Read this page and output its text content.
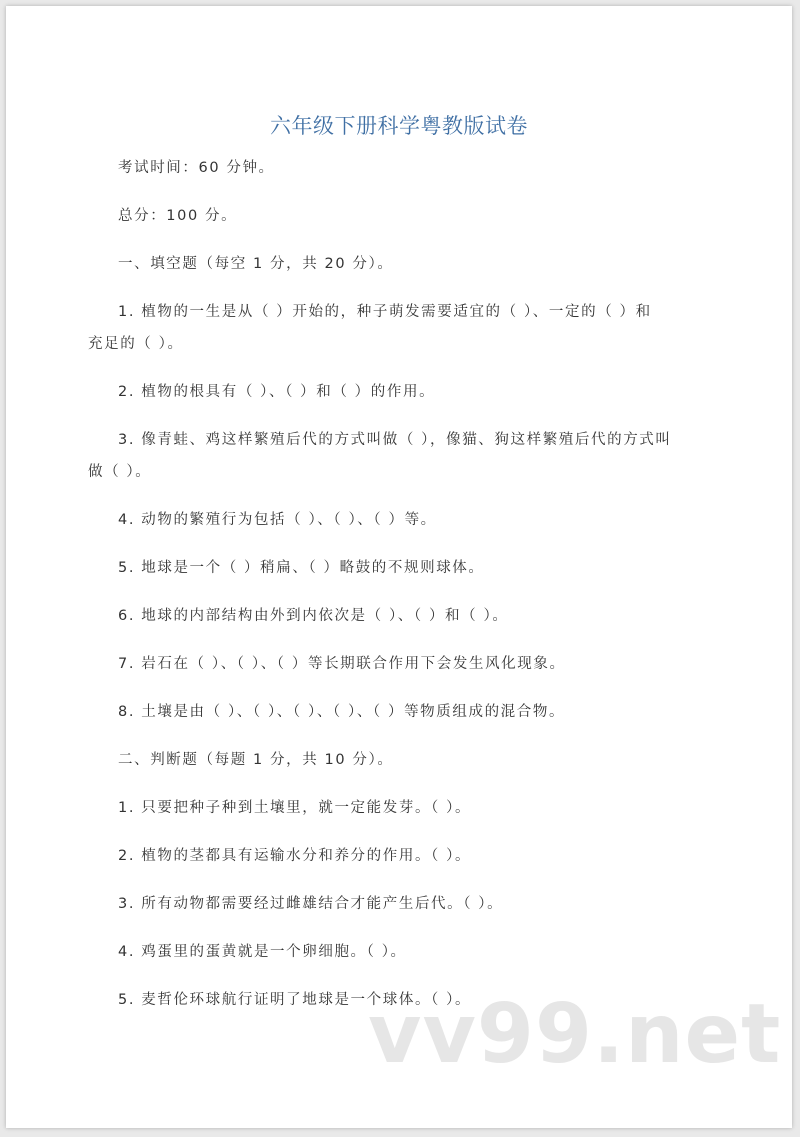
六年级下册科学粤教版试卷
考试时间：60 分钟。
总分：100 分。
一、填空题（每空 1 分，共 20 分）。
1. 植物的一生是从（ ）开始的，种子萌发需要适宜的（ ）、一定的（ ）和
充足的（ ）。
2. 植物的根具有（ ）、（ ）和（ ）的作用。
3. 像青蛙、鸡这样繁殖后代的方式叫做（ ），像猫、狗这样繁殖后代的方式叫
做（ ）。
4. 动物的繁殖行为包括（ ）、（ ）、（ ）等。
5. 地球是一个（ ）稍扁、（ ）略鼓的不规则球体。
6. 地球的内部结构由外到内依次是（ ）、（ ）和（ ）。
7. 岩石在（ ）、（ ）、（ ）等长期联合作用下会发生风化现象。
8. 土壤是由（ ）、（ ）、（ ）、（ ）、（ ）等物质组成的混合物。
二、判断题（每题 1 分，共 10 分）。
1. 只要把种子种到土壤里，就一定能发芽。（ ）。
2. 植物的茎都具有运输水分和养分的作用。（ ）。
3. 所有动物都需要经过雌雄结合才能产生后代。（ ）。
4. 鸡蛋里的蛋黄就是一个卵细胞。（ ）。
5. 麦哲伦环球航行证明了地球是一个球体。（ ）。
vv99.net
